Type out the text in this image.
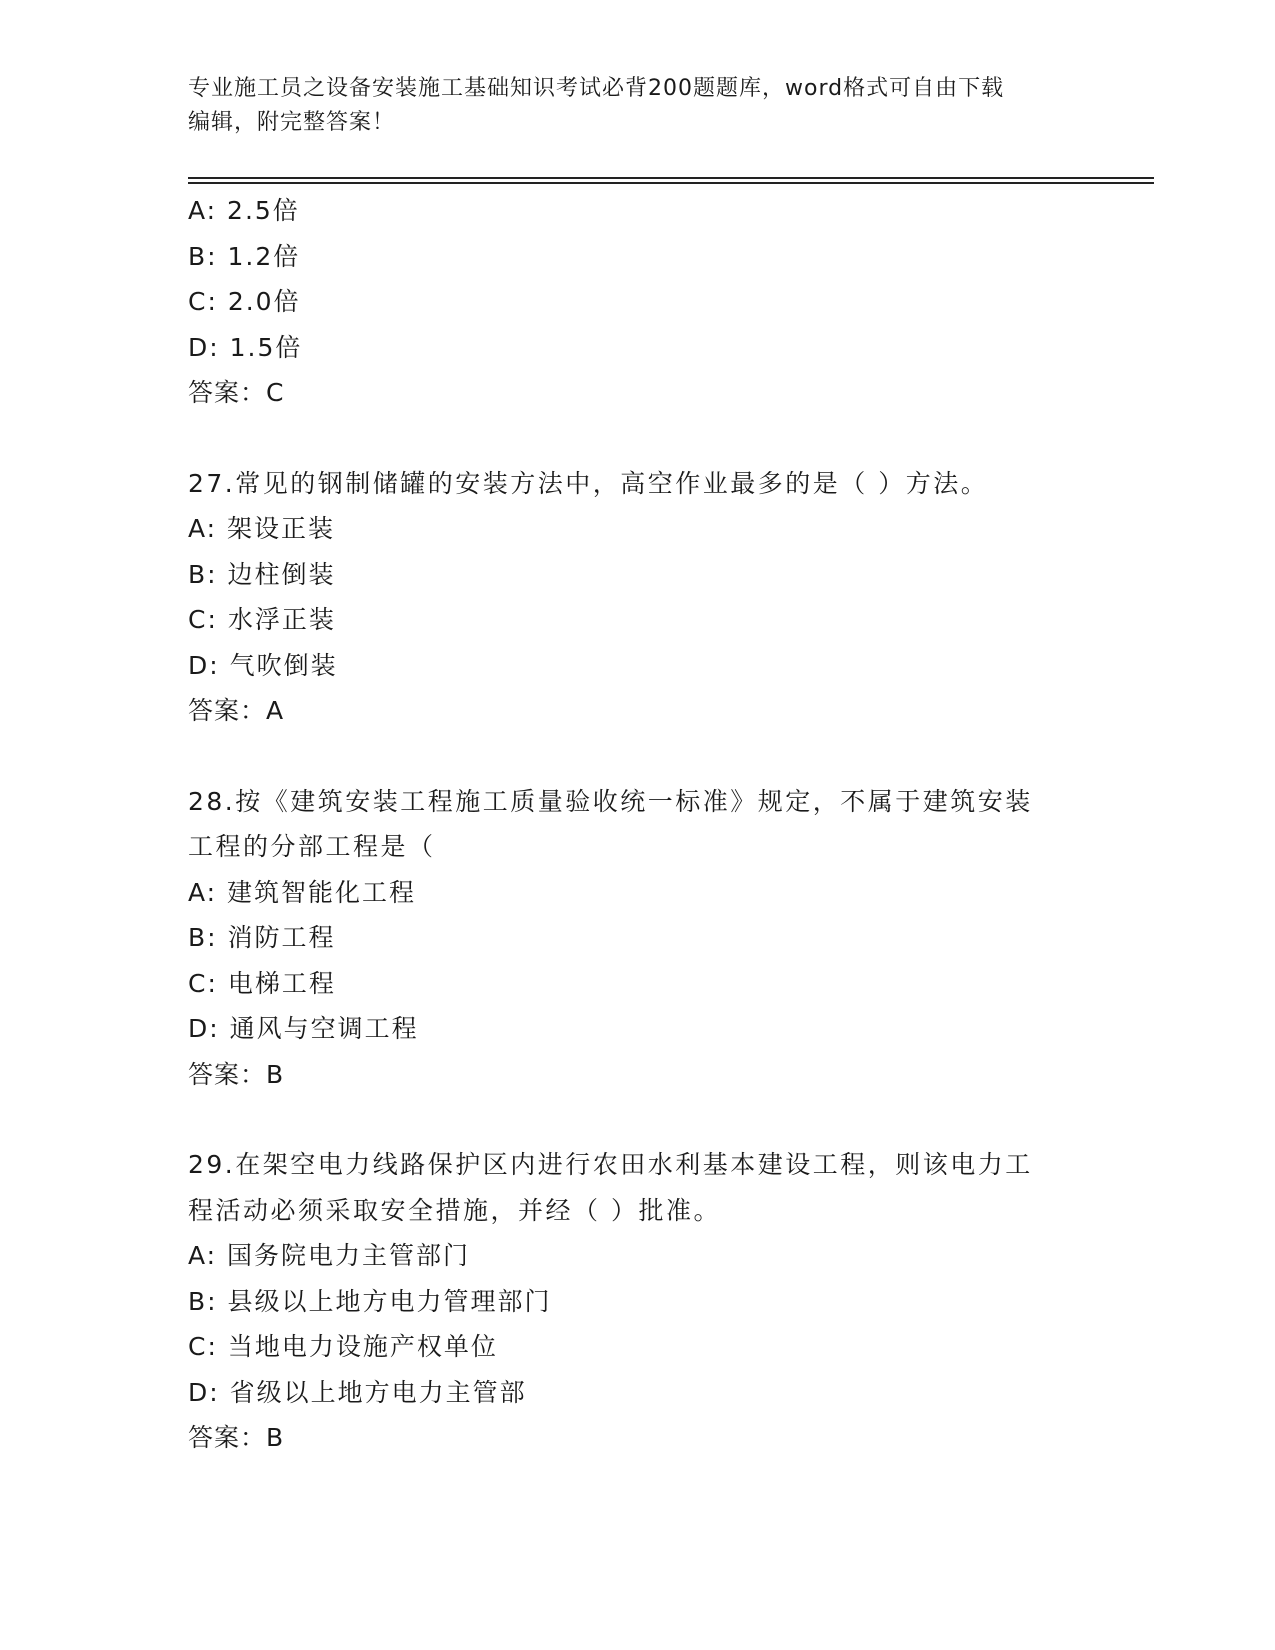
专业施工员之设备安装施工基础知识考试必背200题题库，word格式可自由下载
编辑，附完整答案！
A: 2.5倍
B: 1.2倍
C: 2.0倍
D: 1.5倍
答案：C
27.常见的钢制储罐的安装方法中，高空作业最多的是（ ）方法。
A: 架设正装
B: 边柱倒装
C: 水浮正装
D: 气吹倒装
答案：A
28.按《建筑安装工程施工质量验收统一标准》规定，不属于建筑安装
工程的分部工程是（
A: 建筑智能化工程
B: 消防工程
C: 电梯工程
D: 通风与空调工程
答案：B
29.在架空电力线路保护区内进行农田水利基本建设工程，则该电力工
程活动必须采取安全措施，并经（ ）批准。
A: 国务院电力主管部门
B: 县级以上地方电力管理部门
C: 当地电力设施产权单位
D: 省级以上地方电力主管部
答案：B
